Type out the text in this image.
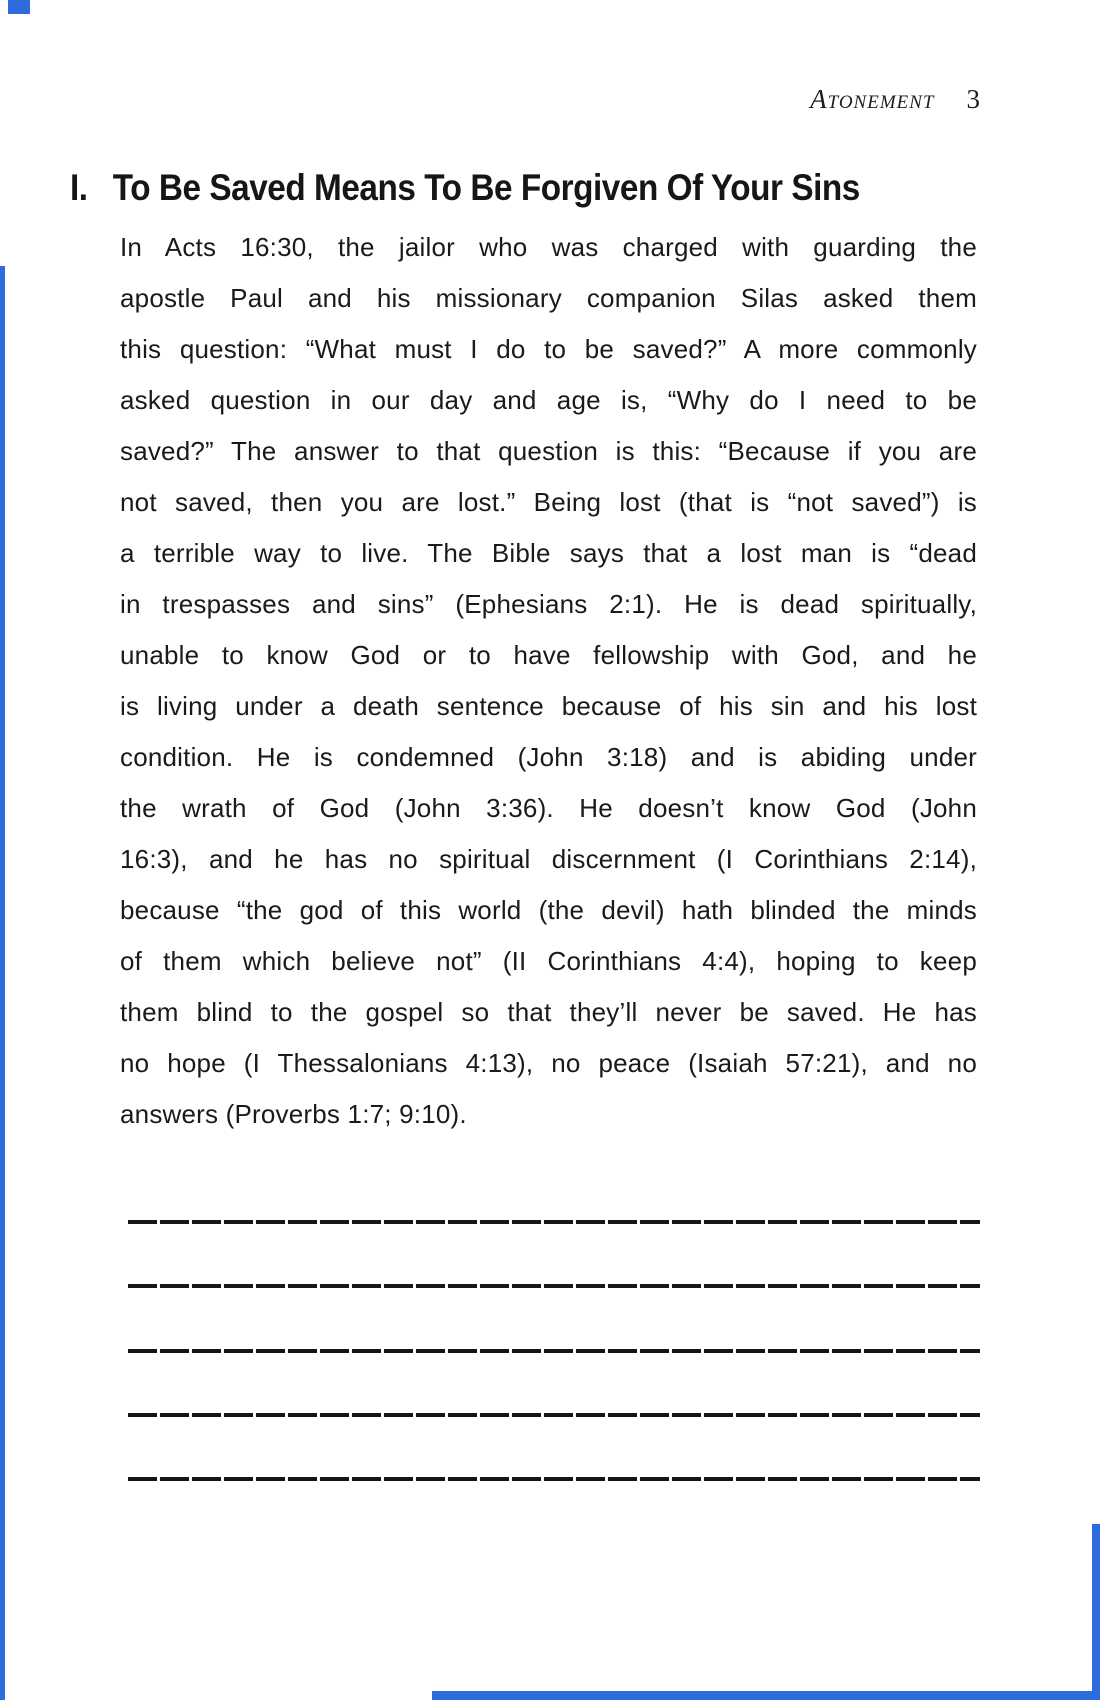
Atonement 3
I. To Be Saved Means To Be Forgiven Of Your Sins
In Acts 16:30, the jailor who was charged with guarding the
apostle Paul and his missionary companion Silas asked them
this question: “What must I do to be saved?” A more commonly
asked question in our day and age is, “Why do I need to be
saved?” The answer to that question is this: “Because if you are
not saved, then you are lost.” Being lost (that is “not saved”) is
a terrible way to live. The Bible says that a lost man is “dead
in trespasses and sins” (Ephesians 2:1). He is dead spiritually,
unable to know God or to have fellowship with God, and he
is living under a death sentence because of his sin and his lost
condition. He is condemned (John 3:18) and is abiding under
the wrath of God (John 3:36). He doesn’t know God (John
16:3), and he has no spiritual discernment (I Corinthians 2:14),
because “the god of this world (the devil) hath blinded the minds
of them which believe not” (II Corinthians 4:4), hoping to keep
them blind to the gospel so that they’ll never be saved. He has
no hope (I Thessalonians 4:13), no peace (Isaiah 57:21), and no
answers (Proverbs 1:7; 9:10).
